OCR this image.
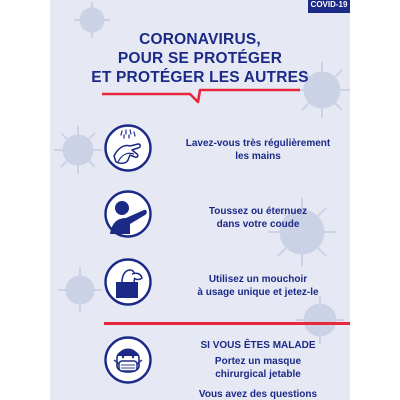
COVID-19
CORONAVIRUS,
POUR SE PROTÉGER
ET PROTÉGER LES AUTRES
Lavez-vous très régulièrement
les mains
Toussez ou éternuez
dans votre coude
Utilisez un mouchoir
à usage unique et jetez-le
SI VOUS ÊTES MALADE
Portez un masque
chirurgical jetable
Vous avez des questions
